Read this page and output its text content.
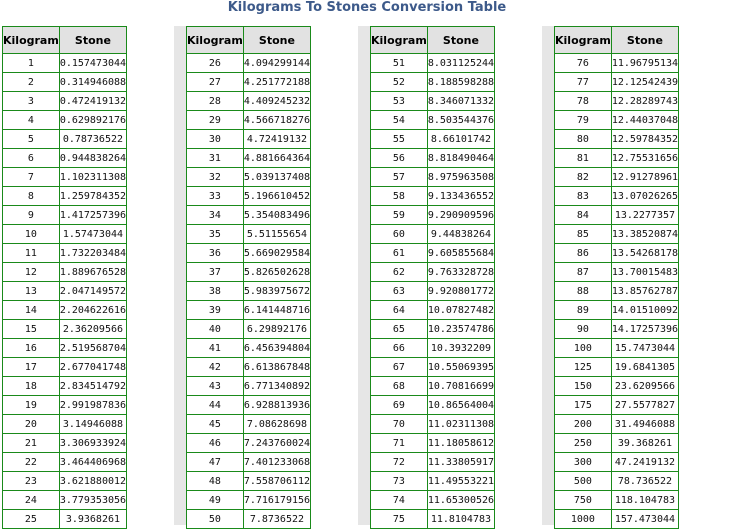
Kilograms To Stones Conversion Table
Kilogram	Stone
1	0.157473044
2	0.314946088
3	0.472419132
4	0.629892176
5	0.78736522
6	0.944838264
7	1.102311308
8	1.259784352
9	1.417257396
10	1.57473044
11	1.732203484
12	1.889676528
13	2.047149572
14	2.204622616
15	2.36209566
16	2.519568704
17	2.677041748
18	2.834514792
19	2.991987836
20	3.14946088
21	3.306933924
22	3.464406968
23	3.621880012
24	3.779353056
25	3.9368261
Kilogram	Stone
26	4.094299144
27	4.251772188
28	4.409245232
29	4.566718276
30	4.72419132
31	4.881664364
32	5.039137408
33	5.196610452
34	5.354083496
35	5.51155654
36	5.669029584
37	5.826502628
38	5.983975672
39	6.141448716
40	6.29892176
41	6.456394804
42	6.613867848
43	6.771340892
44	6.928813936
45	7.08628698
46	7.243760024
47	7.401233068
48	7.558706112
49	7.716179156
50	7.8736522
Kilogram	Stone
51	8.031125244
52	8.188598288
53	8.346071332
54	8.503544376
55	8.66101742
56	8.818490464
57	8.975963508
58	9.133436552
59	9.290909596
60	9.44838264
61	9.605855684
62	9.763328728
63	9.920801772
64	10.07827482
65	10.23574786
66	10.3932209
67	10.55069395
68	10.70816699
69	10.86564004
70	11.02311308
71	11.18058612
72	11.33805917
73	11.49553221
74	11.65300526
75	11.8104783
Kilogram	Stone
76	11.96795134
77	12.12542439
78	12.28289743
79	12.44037048
80	12.59784352
81	12.75531656
82	12.91278961
83	13.07026265
84	13.2277357
85	13.38520874
86	13.54268178
87	13.70015483
88	13.85762787
89	14.01510092
90	14.17257396
100	15.7473044
125	19.6841305
150	23.6209566
175	27.5577827
200	31.4946088
250	39.368261
300	47.2419132
500	78.736522
750	118.104783
1000	157.473044
